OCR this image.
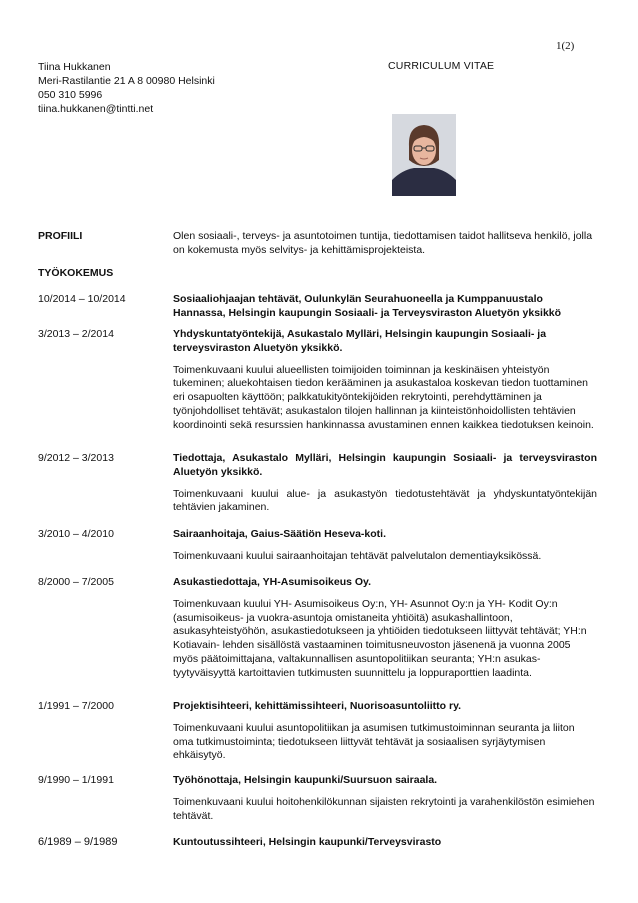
1(2)
Tiina Hukkanen
Meri-Rastilantie 21 A 8 00980 Helsinki
050 310 5996
tiina.hukkanen@tintti.net
CURRICULUM VITAE
PROFIILI	Olen sosiaali-, terveys- ja asuntotoimen tuntija, tiedottamisen taidot hallitseva henkilö, jolla on kokemusta myös selvitys- ja kehittämisprojekteista.

TYÖKOKEMUS
10/2014 – 10/2014	Sosiaaliohjaajan tehtävät, Oulunkylän Seurahuoneella ja Kumppanuustalo Hannassa, Helsingin kaupungin Sosiaali- ja Terveysviraston Aluetyön yksikkö

3/2013 – 2/2014	Yhdyskuntatyöntekijä, Asukastalo Mylläri, Helsingin kaupungin Sosiaali- ja terveysviraston Aluetyön yksikkö.

Toimenkuvaani kuului alueellisten toimijoiden toiminnan ja keskinäisen yhteistyön tukeminen; aluekohtaisen tiedon kerääminen ja asukastaloa koskevan tiedon tuottaminen eri osapuolten käyttöön; palkkatukityöntekijöiden rekrytointi, perehdyttäminen ja työnjohdolliset tehtävät; asukastalon tilojen hallinnan ja kiinteistönhoidollisten tehtävien koordinointi sekä resurssien hankinnassa avustaminen ennen kaikkea tiedotuksen keinoin.

9/2012 – 3/2013	Tiedottaja, Asukastalo Mylläri, Helsingin kaupungin Sosiaali- ja terveysviraston Aluetyön yksikkö.

Toimenkuvaani kuului alue- ja asukastyön tiedotustehtävät ja yhdyskuntatyöntekijän tehtävien jakaminen.

3/2010 – 4/2010	Sairaanhoitaja, Gaius-Säätiön Heseva-koti.

Toimenkuvaani kuului sairaanhoitajan tehtävät palvelutalon dementiayksikössä.

8/2000 – 7/2005	Asukastiedottaja, YH-Asumisoikeus Oy.

Toimenkuvaan kuului YH- Asumisoikeus Oy:n, YH- Asunnot Oy:n ja YH- Kodit Oy:n (asumisoikeus- ja vuokra-asuntoja omistaneita yhtiöitä) asukashallintoon, asukasyhteistyöhön, asukastiedotukseen ja yhtiöiden tiedotukseen liittyvät tehtävät; YH:n Kotiavain- lehden sisällöstä vastaaminen toimitusneuvoston jäsenenä ja vuonna 2005 myös päätoimittajana, valtakunnallisen asuntopolitiikan seuranta; YH:n asukas- tyytyväisyyttä kartoittavien tutkimusten suunnittelu ja loppuraporttien laadinta.

1/1991 – 7/2000	Projektisihteeri, kehittämissihteeri, Nuorisoasuntoliitto ry.

Toimenkuvaani kuului asuntopolitiikan ja asumisen tutkimustoiminnan seuranta ja liiton oma tutkimustoiminta; tiedotukseen liittyvät tehtävät ja sosiaalisen syrjäytymisen ehkäisytyö.

9/1990 – 1/1991	Työhönottaja, Helsingin kaupunki/Suursuon sairaala.

Toimenkuvaani kuului hoitohenkilökunnan sijaisten rekrytointi ja varahenkilöstön esimiehen tehtävät.

6/1989 – 9/1989	Kuntoutussihteeri, Helsingin kaupunki/Terveysvirasto
